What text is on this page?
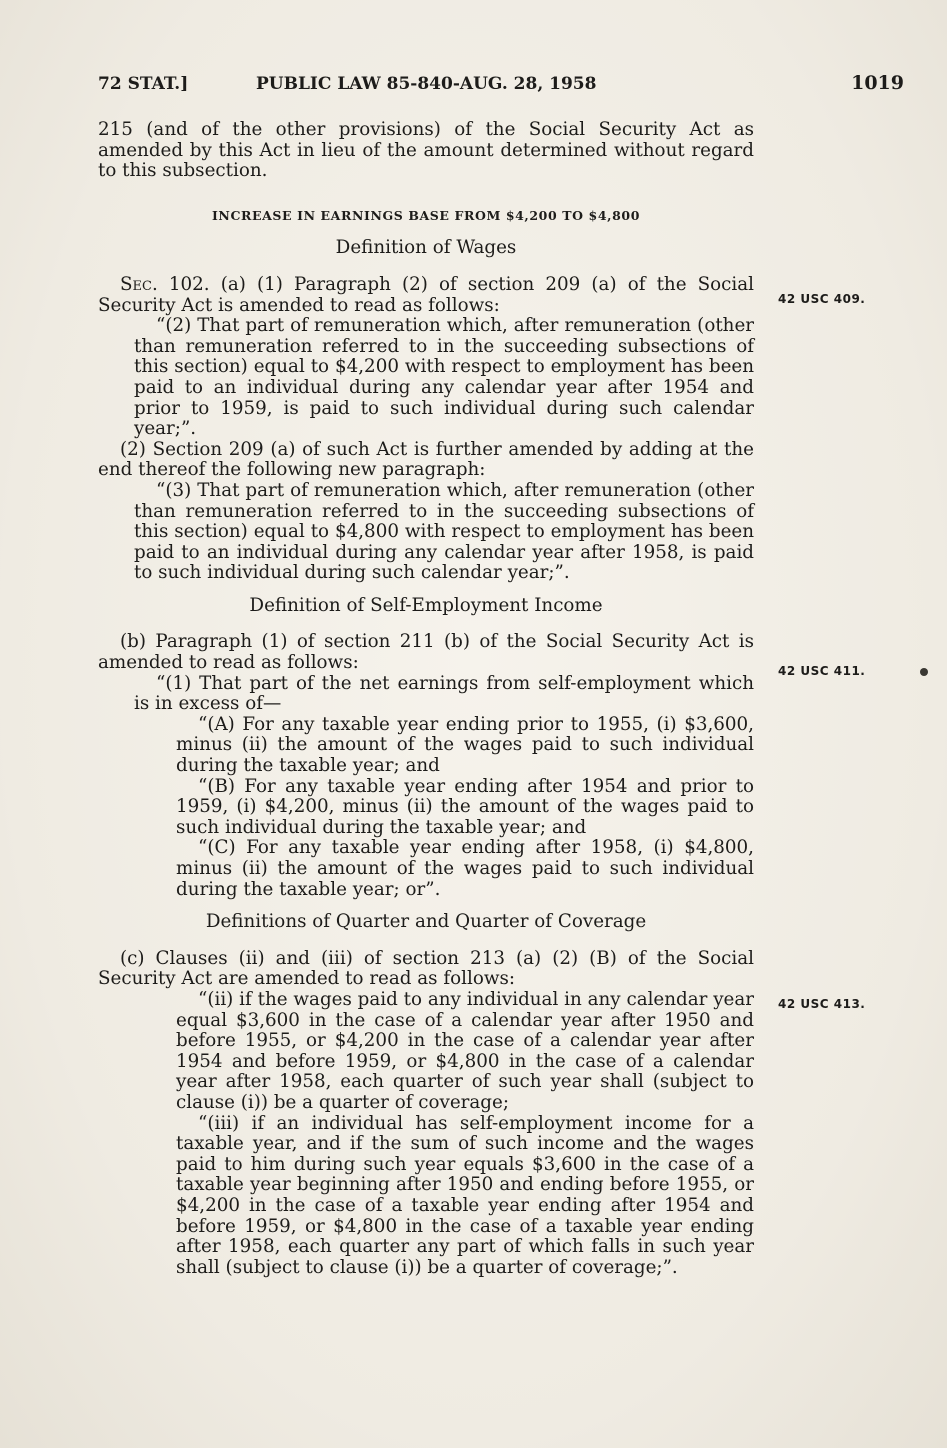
72 STAT.]	PUBLIC LAW 85-840-AUG. 28, 1958	1019

215 (and of the other provisions) of the Social Security Act as amended by this Act in lieu of the amount determined without regard to this subsection.

INCREASE IN EARNINGS BASE FROM $4,200 TO $4,800

Definition of Wages

Sec. 102. (a) (1) Paragraph (2) of section 209 (a) of the Social Security Act is amended to read as follows:

“(2) That part of remuneration which, after remuneration (other than remuneration referred to in the succeeding subsections of this section) equal to $4,200 with respect to employment has been paid to an individual during any calendar year after 1954 and prior to 1959, is paid to such individual during such calendar year;”.

(2) Section 209 (a) of such Act is further amended by adding at the end thereof the following new paragraph:

“(3) That part of remuneration which, after remuneration (other than remuneration referred to in the succeeding subsections of this section) equal to $4,800 with respect to employment has been paid to an individual during any calendar year after 1958, is paid to such individual during such calendar year;”.

Definition of Self-Employment Income

(b) Paragraph (1) of section 211 (b) of the Social Security Act is amended to read as follows:

“(1) That part of the net earnings from self-employment which is in excess of—

“(A) For any taxable year ending prior to 1955, (i) $3,600, minus (ii) the amount of the wages paid to such individual during the taxable year; and

“(B) For any taxable year ending after 1954 and prior to 1959, (i) $4,200, minus (ii) the amount of the wages paid to such individual during the taxable year; and

“(C) For any taxable year ending after 1958, (i) $4,800, minus (ii) the amount of the wages paid to such individual during the taxable year; or”.

Definitions of Quarter and Quarter of Coverage

(c) Clauses (ii) and (iii) of section 213 (a) (2) (B) of the Social Security Act are amended to read as follows:

“(ii) if the wages paid to any individual in any calendar year equal $3,600 in the case of a calendar year after 1950 and before 1955, or $4,200 in the case of a calendar year after 1954 and before 1959, or $4,800 in the case of a calendar year after 1958, each quarter of such year shall (subject to clause (i)) be a quarter of coverage;

“(iii) if an individual has self-employment income for a taxable year, and if the sum of such income and the wages paid to him during such year equals $3,600 in the case of a taxable year beginning after 1950 and ending before 1955, or $4,200 in the case of a taxable year ending after 1954 and before 1959, or $4,800 in the case of a taxable year ending after 1958, each quarter any part of which falls in such year shall (subject to clause (i)) be a quarter of coverage;”.

42 USC 409.
42 USC 411.
42 USC 413.
